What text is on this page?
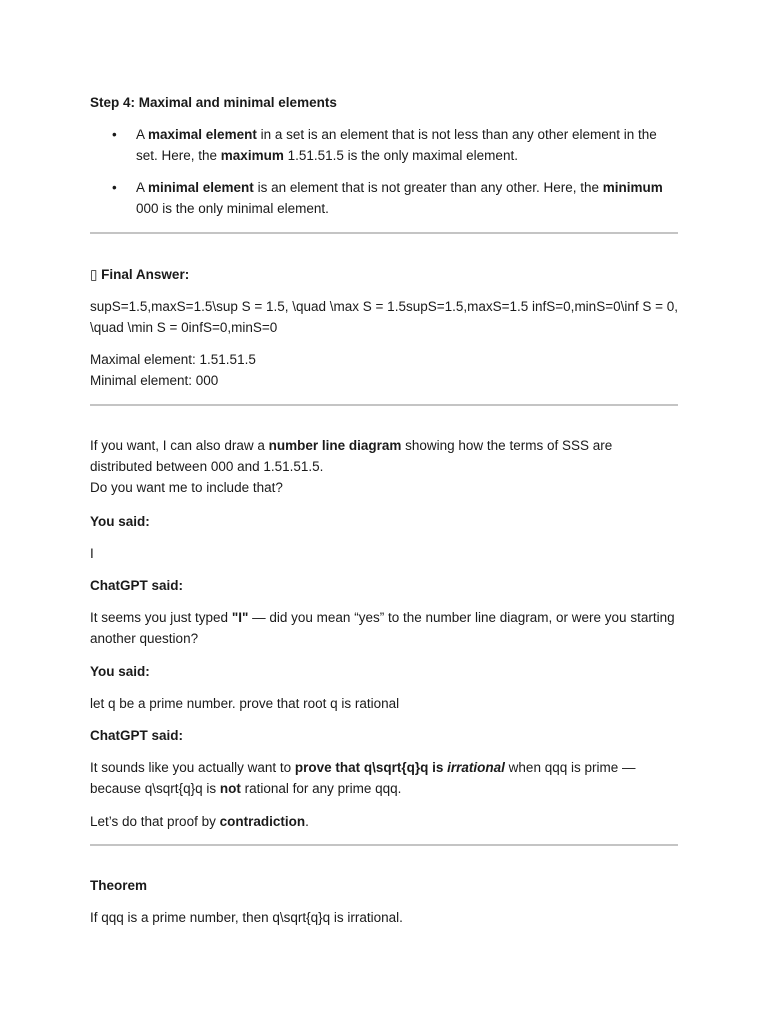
Step 4: Maximal and minimal elements
• A maximal element in a set is an element that is not less than any other element in the set. Here, the maximum 1.51.51.5 is the only maximal element.
• A minimal element is an element that is not greater than any other. Here, the minimum 000 is the only minimal element.
▯ Final Answer:

supS=1.5,maxS=1.5\sup S = 1.5, \quad \max S = 1.5supS=1.5,maxS=1.5 infS=0,minS=0\inf S = 0, \quad \min S = 0infS=0,minS=0

Maximal element: 1.51.51.5
Minimal element: 000

If you want, I can also draw a number line diagram showing how the terms of SSS are distributed between 000 and 1.51.51.5.
Do you want me to include that?

You said:

I

ChatGPT said:

It seems you just typed "I" — did you mean “yes” to the number line diagram, or were you starting another question?

You said:

let q be a prime number. prove that root q is rational

ChatGPT said:

It sounds like you actually want to prove that q\sqrt{q}q is irrational when qqq is prime — because q\sqrt{q}q is not rational for any prime qqq.

Let’s do that proof by contradiction.

Theorem

If qqq is a prime number, then q\sqrt{q}q is irrational.
